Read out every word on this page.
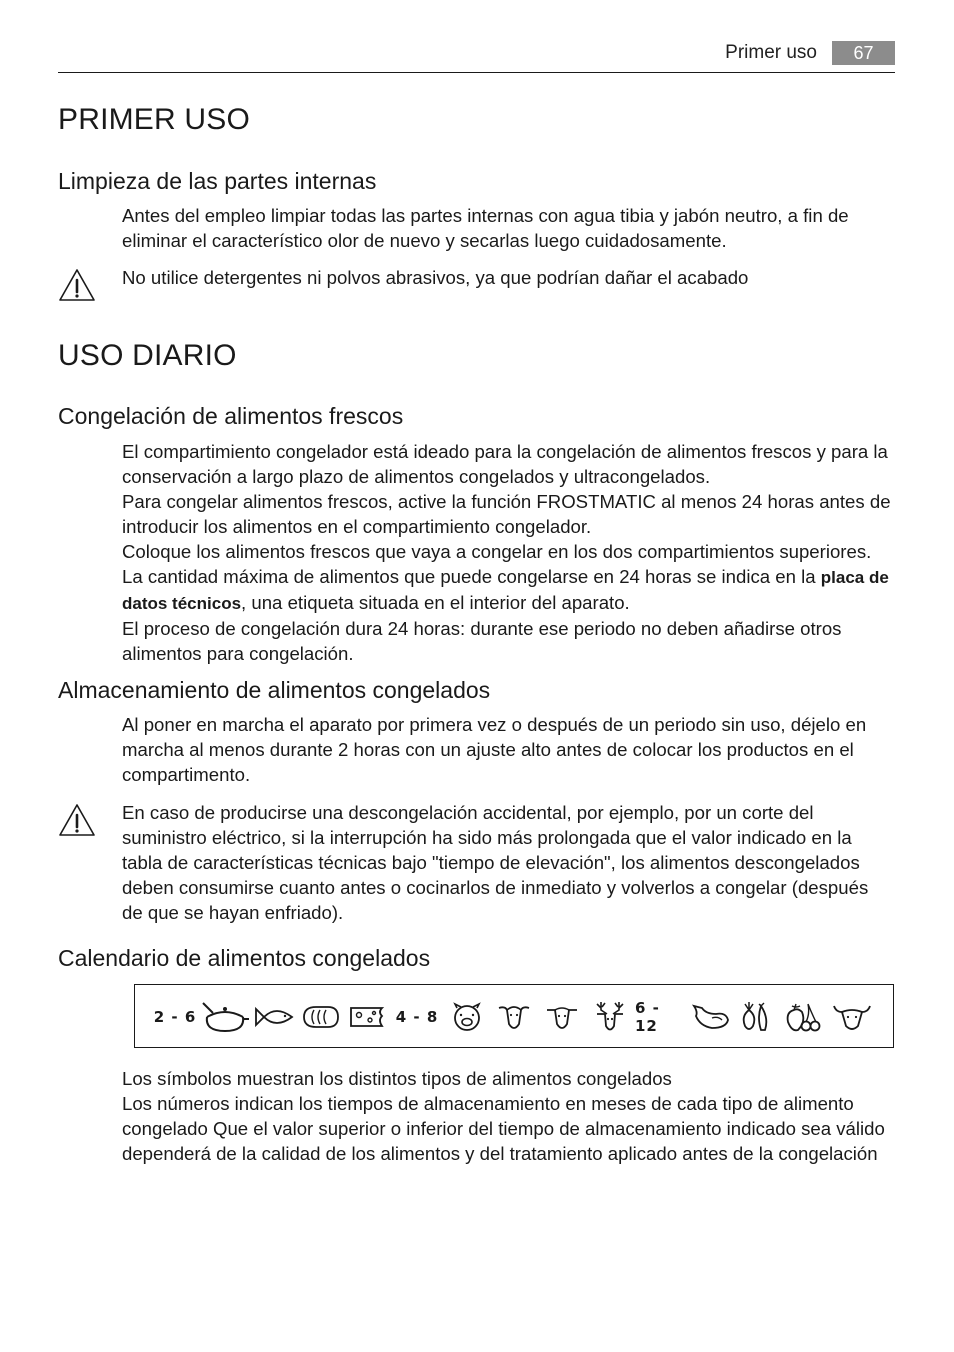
Primer uso	67
PRIMER USO
Limpieza de las partes internas

Antes del empleo limpiar todas las partes internas con agua tibia y jabón neutro, a fin de eliminar el característico olor de nuevo y secarlas luego cuidadosamente.

No utilice detergentes ni polvos abrasivos, ya que podrían dañar el acabado

USO DIARIO
Congelación de alimentos frescos
El compartimiento congelador está ideado para la congelación de alimentos frescos y para la conservación a largo plazo de alimentos congelados y ultracongelados.
Para congelar alimentos frescos, active la función FROSTMATIC al menos 24 horas antes de introducir los alimentos en el compartimiento congelador.
Coloque los alimentos frescos que vaya a congelar en los dos compartimientos superiores.
La cantidad máxima de alimentos que puede congelarse en 24 horas se indica en la placa de datos técnicos, una etiqueta situada en el interior del aparato.
El proceso de congelación dura 24 horas: durante ese periodo no deben añadirse otros alimentos para congelación.
Almacenamiento de alimentos congelados

Al poner en marcha el aparato por primera vez o después de un periodo sin uso, déjelo en marcha al menos durante 2 horas con un ajuste alto antes de colocar los productos en el compartimento.

En caso de producirse una descongelación accidental, por ejemplo, por un corte del suministro eléctrico, si la interrupción ha sido más prolongada que el valor indicado en la tabla de características técnicas bajo "tiempo de elevación", los alimentos descongelados deben consumirse cuanto antes o cocinarlos de inmediato y volverlos a congelar (después de que se hayan enfriado).

Calendario de alimentos congelados
2 - 6	4 - 8	6 - 12
Los símbolos muestran los distintos tipos de alimentos congelados
Los números indican los tiempos de almacenamiento en meses de cada tipo de alimento congelado Que el valor superior o inferior del tiempo de almacenamiento indicado sea válido dependerá de la calidad de los alimentos y del tratamiento aplicado antes de la congelación
